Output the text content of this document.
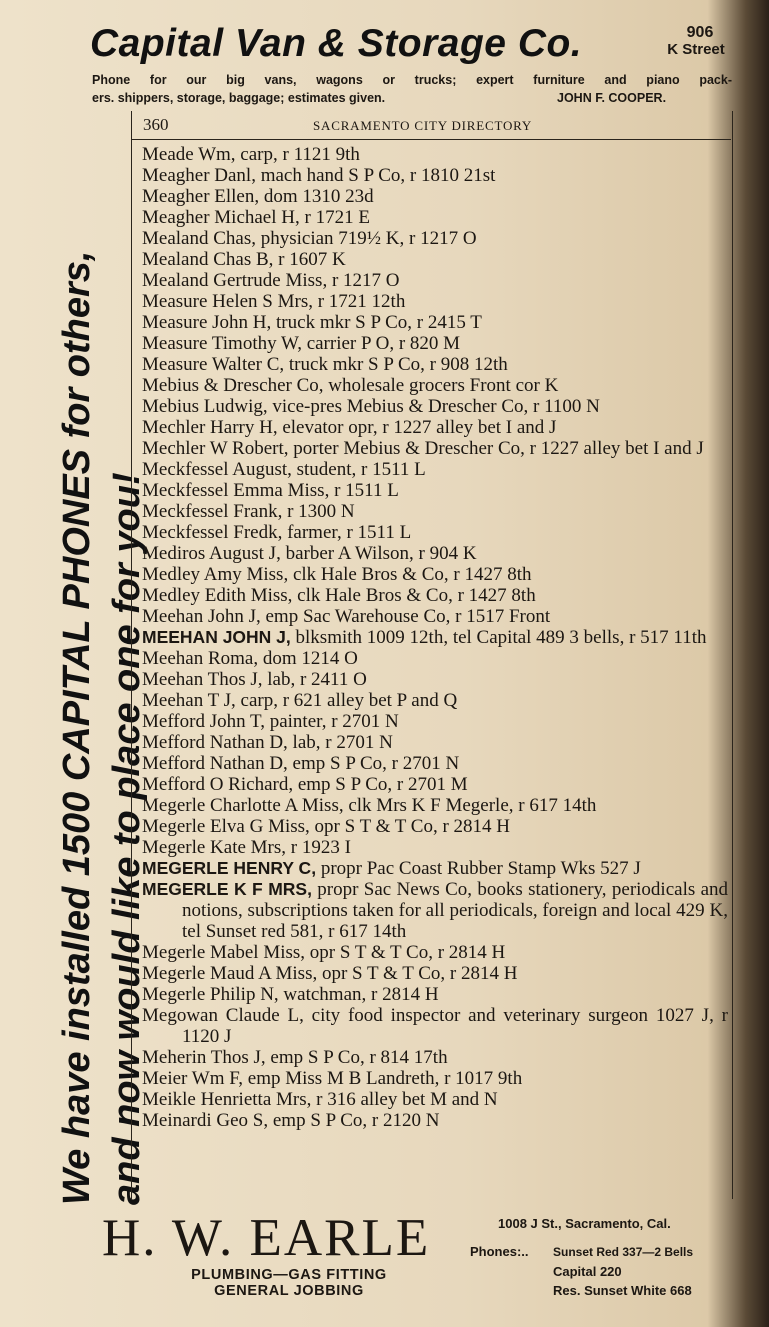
Capital Van & Storage Co.	906
K Street
Phone for our big vans, wagons or trucks; expert furniture and piano pack-
ers. shippers, storage, baggage; estimates given.	JOHN F. COOPER.
We have installed 1500 CAPITAL PHONES for others, and now would like to place one for you!
360	SACRAMENTO CITY DIRECTORY
Meade Wm, carp, r 1121 9th
Meagher Danl, mach hand S P Co, r 1810 21st
Meagher Ellen, dom 1310 23d
Meagher Michael H, r 1721 E
Mealand Chas, physician 719½ K, r 1217 O
Mealand Chas B, r 1607 K
Mealand Gertrude Miss, r 1217 O
Measure Helen S Mrs, r 1721 12th
Measure John H, truck mkr S P Co, r 2415 T
Measure Timothy W, carrier P O, r 820 M
Measure Walter C, truck mkr S P Co, r 908 12th
Mebius & Drescher Co, wholesale grocers Front cor K
Mebius Ludwig, vice-pres Mebius & Drescher Co, r 1100 N
Mechler Harry H, elevator opr, r 1227 alley bet I and J
Mechler W Robert, porter Mebius & Drescher Co, r 1227 alley bet I and J
Meckfessel August, student, r 1511 L
Meckfessel Emma Miss, r 1511 L
Meckfessel Frank, r 1300 N
Meckfessel Fredk, farmer, r 1511 L
Mediros August J, barber A Wilson, r 904 K
Medley Amy Miss, clk Hale Bros & Co, r 1427 8th
Medley Edith Miss, clk Hale Bros & Co, r 1427 8th
Meehan John J, emp Sac Warehouse Co, r 1517 Front
MEEHAN JOHN J, blksmith 1009 12th, tel Capital 489 3 bells, r 517 11th
Meehan Roma, dom 1214 O
Meehan Thos J, lab, r 2411 O
Meehan T J, carp, r 621 alley bet P and Q
Mefford John T, painter, r 2701 N
Mefford Nathan D, lab, r 2701 N
Mefford Nathan D, emp S P Co, r 2701 N
Mefford O Richard, emp S P Co, r 2701 M
Megerle Charlotte A Miss, clk Mrs K F Megerle, r 617 14th
Megerle Elva G Miss, opr S T & T Co, r 2814 H
Megerle Kate Mrs, r 1923 I
MEGERLE HENRY C, propr Pac Coast Rubber Stamp Wks 527 J
MEGERLE K F MRS, propr Sac News Co, books stationery, periodicals and notions, subscriptions taken for all periodicals, foreign and local 429 K, tel Sunset red 581, r 617 14th
Megerle Mabel Miss, opr S T & T Co, r 2814 H
Megerle Maud A Miss, opr S T & T Co, r 2814 H
Megerle Philip N, watchman, r 2814 H
Megowan Claude L, city food inspector and veterinary surgeon 1027 J, r 1120 J
Meherin Thos J, emp S P Co, r 814 17th
Meier Wm F, emp Miss M B Landreth, r 1017 9th
Meikle Henrietta Mrs, r 316 alley bet M and N
Meinardi Geo S, emp S P Co, r 2120 N
H. W. EARLE
PLUMBING—GAS FITTING
GENERAL JOBBING
1008 J St., Sacramento, Cal.
Phones:.. Sunset Red 337—2 Bells
Capital 220
Res. Sunset White 668
